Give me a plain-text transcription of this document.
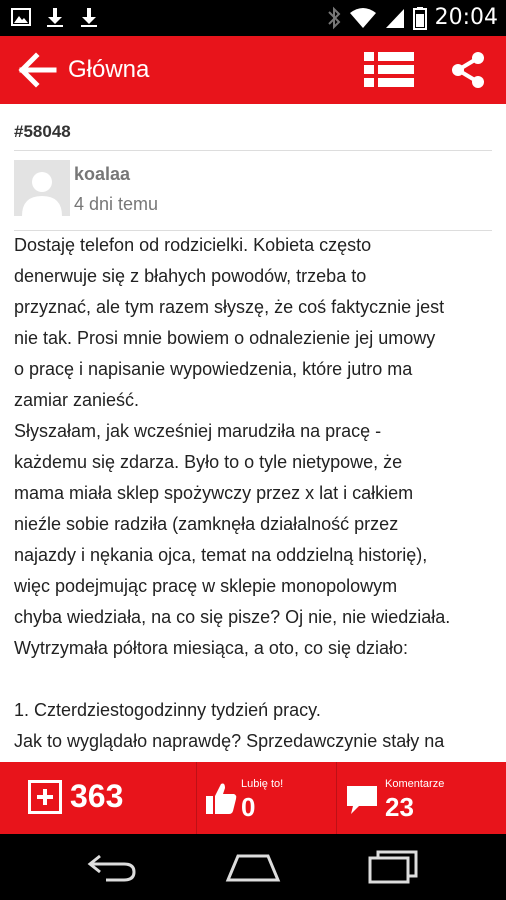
20:04
Główna
#58048
koalaa
4 dni temu
Dostaję telefon od rodzicielki. Kobieta często
denerwuje się z błahych powodów, trzeba to
przyznać, ale tym razem słyszę, że coś faktycznie jest
nie tak. Prosi mnie bowiem o odnalezienie jej umowy
o pracę i napisanie wypowiedzenia, które jutro ma
zamiar zanieść.
Słyszałam, jak wcześniej marudziła na pracę -
każdemu się zdarza. Było to o tyle nietypowe, że
mama miała sklep spożywczy przez x lat i całkiem
nieźle sobie radziła (zamknęła działalność przez
najazdy i nękania ojca, temat na oddzielną historię),
więc podejmując pracę w sklepie monopolowym
chyba wiedziała, na co się pisze? Oj nie, nie wiedziała.
Wytrzymała półtora miesiąca, a oto, co się działo:

1. Czterdziestogodzinny tydzień pracy.
Jak to wyglądało naprawdę? Sprzedawczynie stały na
363	Lubię to!
0
Komentarze
23
